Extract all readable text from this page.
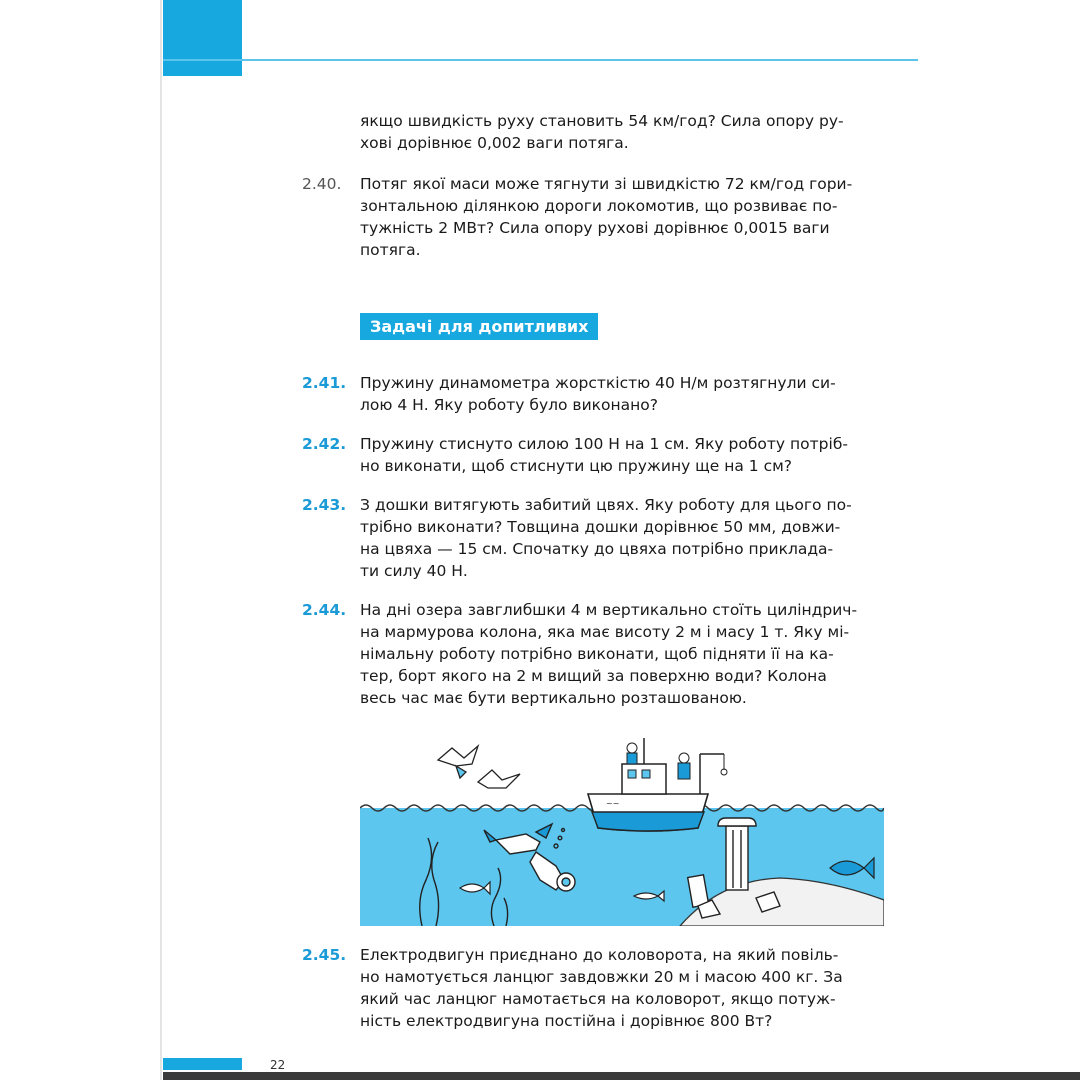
якщо швидкість руху становить 54 км/год? Сила опору ру-
хові дорівнює 0,002 ваги потяга.
2.40. Потяг якої маси може тягнути зі швидкістю 72 км/год гори-
зонтальною ділянкою дороги локомотив, що розвиває по-
тужність 2 МВт? Сила опору рухові дорівнює 0,0015 ваги
потяга.
Задачі для допитливих
2.41. Пружину динамометра жорсткістю 40 Н/м розтягнули си-
лою 4 Н. Яку роботу було виконано?
2.42. Пружину стиснуто силою 100 Н на 1 см. Яку роботу потріб-
но виконати, щоб стиснути цю пружину ще на 1 см?
2.43. З дошки витягують забитий цвях. Яку роботу для цього по-
трібно виконати? Товщина дошки дорівнює 50 мм, довжи-
на цвяха — 15 см. Спочатку до цвяха потрібно приклада-
ти силу 40 Н.
2.44. На дні озера завглибшки 4 м вертикально стоїть циліндрич-
на мармурова колона, яка має висоту 2 м і масу 1 т. Яку мі-
німальну роботу потрібно виконати, щоб підняти її на ка-
тер, борт якого на 2 м вищий за поверхню води? Колона
весь час має бути вертикально розташованою.
~~
2.45. Електродвигун приєднано до коловорота, на який повіль-
но намотується ланцюг завдовжки 20 м і масою 400 кг. За
який час ланцюг намотається на коловорот, якщо потуж-
ність електродвигуна постійна і дорівнює 800 Вт?
22
